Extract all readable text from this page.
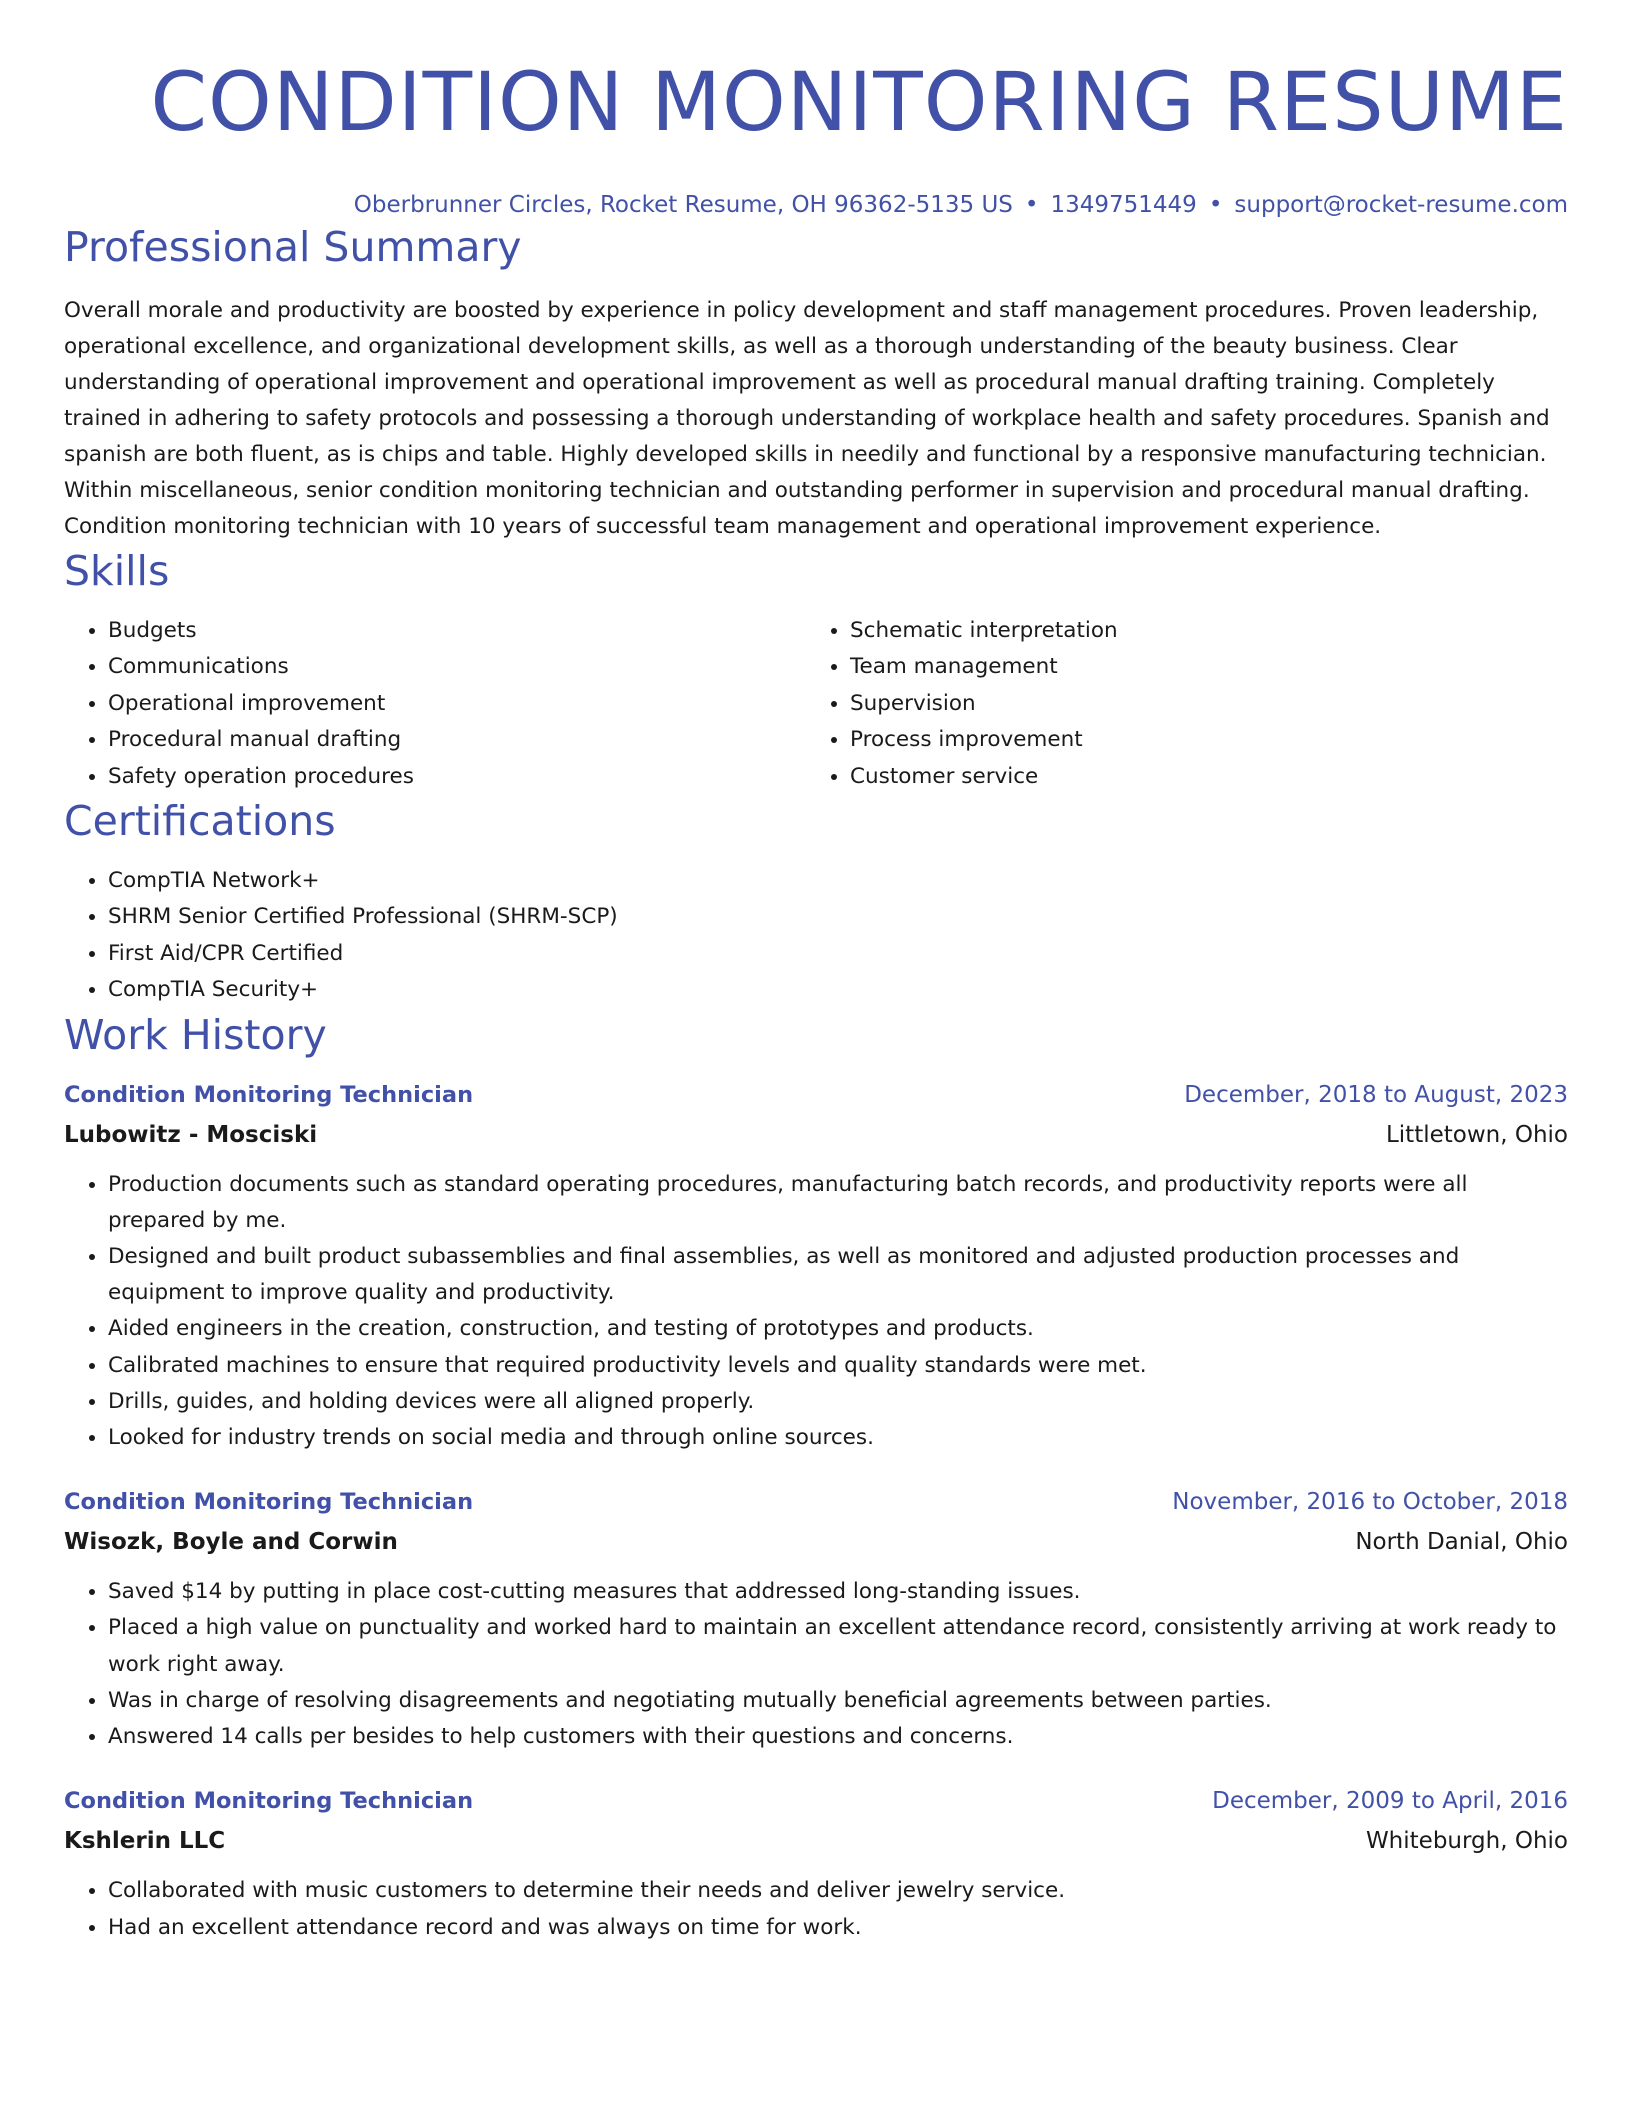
CONDITION MONITORING RESUME
Oberbrunner Circles, Rocket Resume, OH 96362-5135 US • 1349751449 • support@rocket-resume.com
Professional Summary

Overall morale and productivity are boosted by experience in policy development and staff management procedures. Proven leadership, operational excellence, and organizational development skills, as well as a thorough understanding of the beauty business. Clear understanding of operational improvement and operational improvement as well as procedural manual drafting training. Completely trained in adhering to safety protocols and possessing a thorough understanding of workplace health and safety procedures. Spanish and spanish are both fluent, as is chips and table. Highly developed skills in needily and functional by a responsive manufacturing technician. Within miscellaneous, senior condition monitoring technician and outstanding performer in supervision and procedural manual drafting. Condition monitoring technician with 10 years of successful team management and operational improvement experience.

Skills
• Budgets
• Communications
• Operational improvement
• Procedural manual drafting
• Safety operation procedures
• Schematic interpretation
• Team management
• Supervision
• Process improvement
• Customer service
Certifications
• CompTIA Network+
• SHRM Senior Certified Professional (SHRM-SCP)
• First Aid/CPR Certified
• CompTIA Security+
Work History
Condition Monitoring Technician	December, 2018 to August, 2023
Lubowitz - Mosciski	Littletown, Ohio
• Production documents such as standard operating procedures, manufacturing batch records, and productivity reports were all prepared by me.
• Designed and built product subassemblies and final assemblies, as well as monitored and adjusted production processes and equipment to improve quality and productivity.
• Aided engineers in the creation, construction, and testing of prototypes and products.
• Calibrated machines to ensure that required productivity levels and quality standards were met.
• Drills, guides, and holding devices were all aligned properly.
• Looked for industry trends on social media and through online sources.
Condition Monitoring Technician	November, 2016 to October, 2018
Wisozk, Boyle and Corwin	North Danial, Ohio
• Saved $14 by putting in place cost-cutting measures that addressed long-standing issues.
• Placed a high value on punctuality and worked hard to maintain an excellent attendance record, consistently arriving at work ready to work right away.
• Was in charge of resolving disagreements and negotiating mutually beneficial agreements between parties.
• Answered 14 calls per besides to help customers with their questions and concerns.
Condition Monitoring Technician	December, 2009 to April, 2016
Kshlerin LLC	Whiteburgh, Ohio
• Collaborated with music customers to determine their needs and deliver jewelry service.
• Had an excellent attendance record and was always on time for work.
